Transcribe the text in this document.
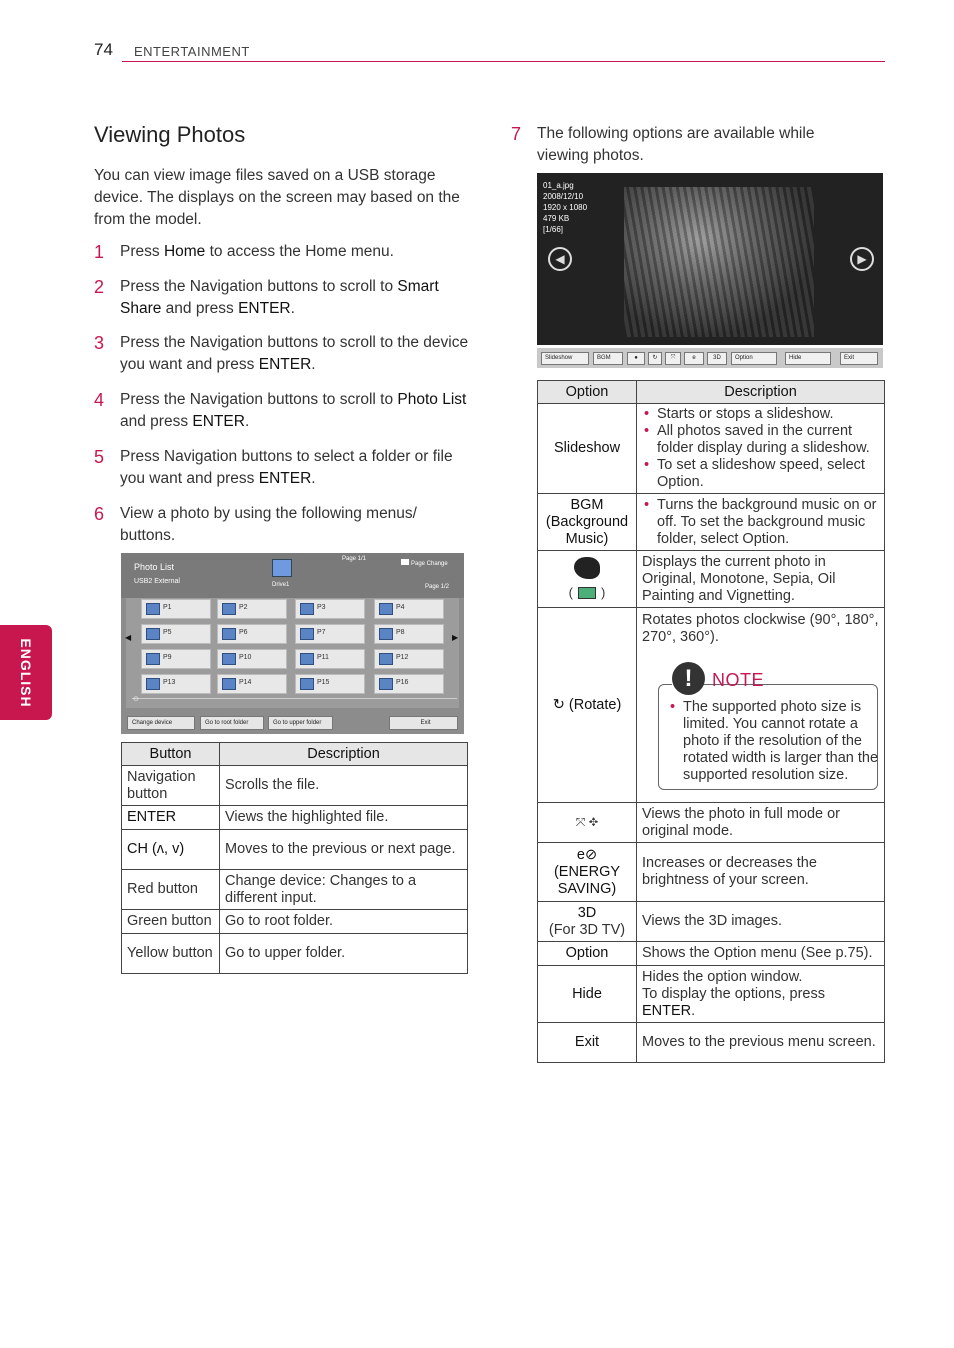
74 ENTERTAINMENT
ENGLISH
Viewing Photos
You can view image files saved on a USB storage device. The displays on the screen may based on the from the model.
1 Press Home to access the Home menu.
2 Press the Navigation buttons to scroll to Smart Share and press ENTER.
3 Press the Navigation buttons to scroll to the device you want and press ENTER.
4 Press the Navigation buttons to scroll to Photo List and press ENTER.
5 Press Navigation buttons to select a folder or file you want and press ENTER.
6 View a photo by using the following menus/ buttons.
Photo List
USB2 External	Drive1
Page 1/1
Page Change
Page 1/2
◀	▶
⊙
P1	P2	P3	P4
P5	P6	P7	P8
P9	P10	P11	P12
P13	P14	P15	P16
Change device	Go to root folder	Go to upper folder	Exit
Button	Description
Navigation button	Scrolls the file.
ENTER	Views the highlighted file.
CH (ʌ, v)	Moves to the previous or next page.
Red button	Change device: Changes to a different input.
Green button	Go to root folder.
Yellow button	Go to upper folder.
7 The following options are available while viewing photos.
01_a.jpg
2008/12/10
1920 x 1080
479 KB
[1/66]
◀	▶
Slideshow	BGM	●	↻	⤧	e	3D	Option	Hide	Exit
Option	Description
Slideshow	• Starts or stops a slideshow.
• All photos saved in the current folder display during a slideshow.
• To set a slideshow speed, select Option.

BGM (Background Music)	• Turns the background music on or off. To set the background music folder, select Option.

( )	Displays the current photo in Original, Monotone, Sepia, Oil Painting and Vignetting.
↻ (Rotate)	Rotates photos clockwise (90°, 180°, 270°, 360°).
⤧ ✥	Views the photo in full mode or original mode.

e⊘
(ENERGY SAVING)	Increases or decreases the brightness of your screen.

3D
(For 3D TV)	Views the 3D images.
Option	Shows the Option menu (See p.75).
Hide	Hides the option window.
To display the options, press
ENTER.

Exit	Moves to the previous menu screen.
!	NOTE
• The supported photo size is limited. You cannot rotate a photo if the resolution of the rotated width is larger than the supported resolution size.
